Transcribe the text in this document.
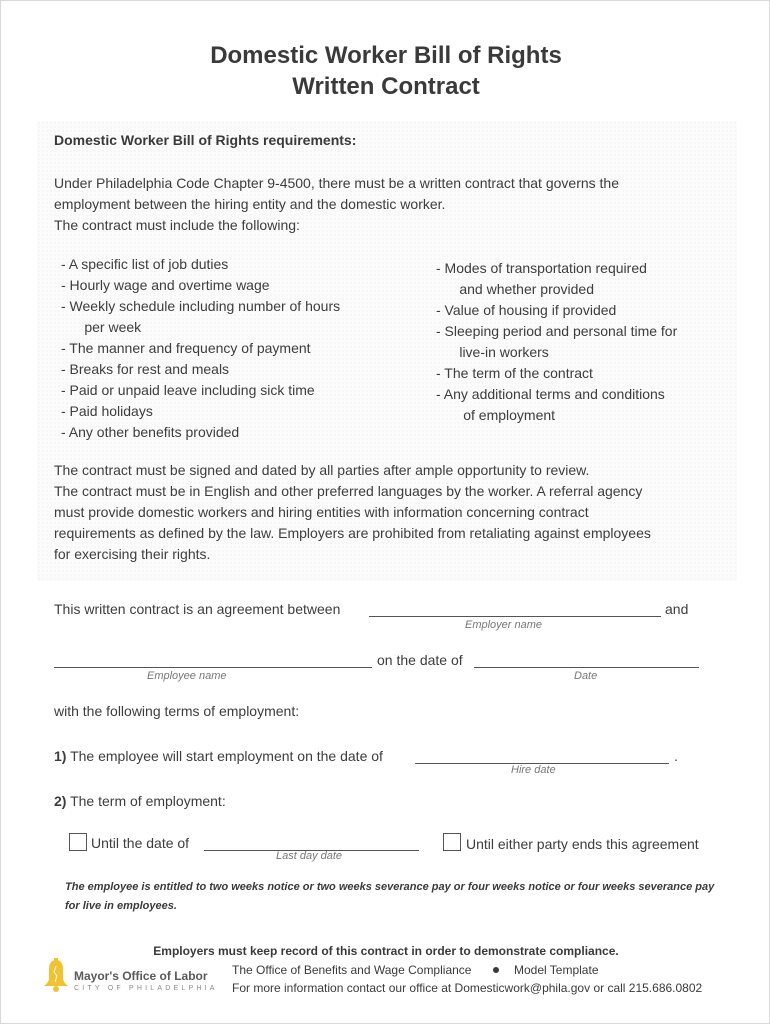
Domestic Worker Bill of Rights
Written Contract
Domestic Worker Bill of Rights requirements:
Under Philadelphia Code Chapter 9-4500, there must be a written contract that governs the
employment between the hiring entity and the domestic worker.
The contract must include the following:
- A specific list of job duties
- Hourly wage and overtime wage
- Weekly schedule including number of hours
per week
- The manner and frequency of payment
- Breaks for rest and meals
- Paid or unpaid leave including sick time
- Paid holidays
- Any other benefits provided
- Modes of transportation required
and whether provided
- Value of housing if provided
- Sleeping period and personal time for
live-in workers
- The term of the contract
- Any additional terms and conditions
of employment
The contract must be signed and dated by all parties after ample opportunity to review.
The contract must be in English and other preferred languages by the worker. A referral agency
must provide domestic workers and hiring entities with information concerning contract
requirements as defined by the law. Employers are prohibited from retaliating against employees
for exercising their rights.
This written contract is an agreement between	and
Employer name
on the date of
Employee name	Date
with the following terms of employment:
1) The employee will start employment on the date of	.
Hire date
2) The term of employment:
Until the date of
Last day date
Until either party ends this agreement
The employee is entitled to two weeks notice or two weeks severance pay or four weeks notice or four weeks severance pay for live in employees.
Employers must keep record of this contract in order to demonstrate compliance.
Mayor's Office of Labor
CITY OF PHILADELPHIA
The Office of Benefits and Wage Compliance	Model Template
For more information contact our office at Domesticwork@phila.gov or call 215.686.0802
